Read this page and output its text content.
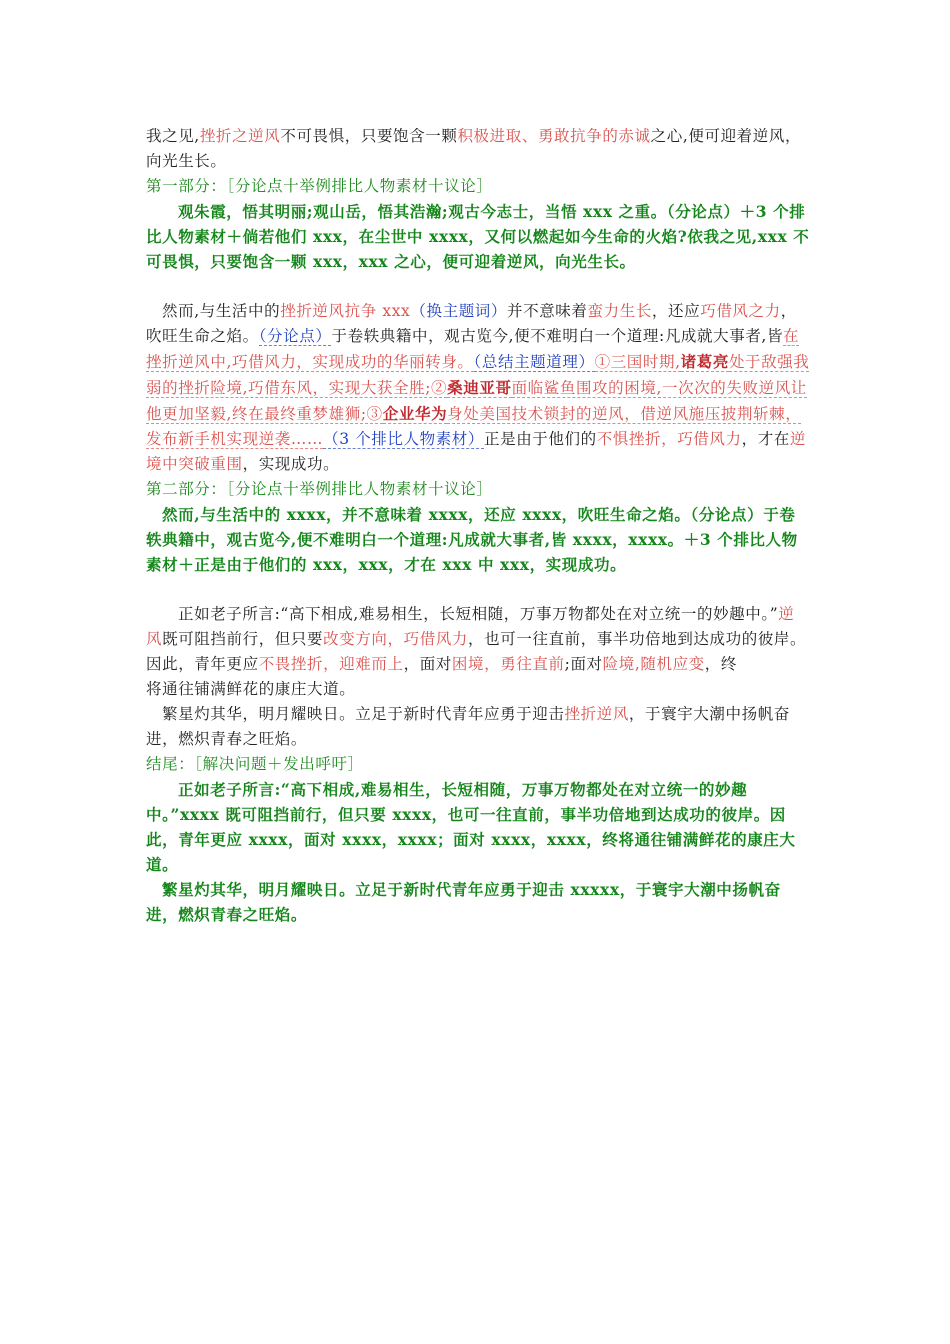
我之见,挫折之逆风不可畏惧，只要饱含一颗积极进取、勇敢抗争的赤诚之心,便可迎着逆风，向光生长。

第一部分：［分论点十举例排比人物素材十议论］

观朱霞，悟其明丽;观山岳，悟其浩瀚;观古今志士，当悟 xxx 之重。（分论点）＋3 个排比人物素材＋倘若他们 xxx，在尘世中 xxxx，又何以燃起如今生命的火焰?依我之见,xxx 不可畏惧，只要饱含一颗 xxx，xxx 之心，便可迎着逆风，向光生长。

然而,与生活中的挫折逆风抗争 xxx（换主题词）并不意味着蛮力生长，还应巧借风之力，吹旺生命之焰。（分论点）于卷轶典籍中，观古览今,便不难明白一个道理:凡成就大事者,皆在挫折逆风中,巧借风力，实现成功的华丽转身。（总结主题道理）①三国时期,诸葛亮处于敌强我弱的挫折险境,巧借东风，实现大获全胜;②桑迪亚哥面临鲨鱼围攻的困境,一次次的失败逆风让他更加坚毅,终在最终重梦雄狮;③企业华为身处美国技术锁封的逆风，借逆风施压披荆斩棘，发布新手机实现逆袭……（3 个排比人物素材）正是由于他们的不惧挫折，巧借风力，才在逆境中突破重围，实现成功。

第二部分：［分论点十举例排比人物素材十议论］

然而,与生活中的 xxxx，并不意味着 xxxx，还应 xxxx，吹旺生命之焰。（分论点）于卷轶典籍中，观古览今,便不难明白一个道理:凡成就大事者,皆 xxxx，xxxx。＋3 个排比人物素材＋正是由于他们的 xxx，xxx，才在 xxx 中 xxx，实现成功。

正如老子所言:“高下相成,难易相生，长短相随，万事万物都处在对立统一的妙趣中。”逆风既可阻挡前行，但只要改变方向，巧借风力，也可一往直前，事半功倍地到达成功的彼岸。因此，青年更应不畏挫折，迎难而上，面对困境，勇往直前;面对险境,随机应变，终

将通往铺满鲜花的康庄大道。

繁星灼其华，明月耀映日。立足于新时代青年应勇于迎击挫折逆风，于寰宇大潮中扬帆奋进，燃炽青春之旺焰。

结尾：［解决问题＋发出呼吁］

正如老子所言:“高下相成,难易相生，长短相随，万事万物都处在对立统一的妙趣中。”xxxx 既可阻挡前行，但只要 xxxx，也可一往直前，事半功倍地到达成功的彼岸。因此，青年更应 xxxx，面对 xxxx，xxxx；面对 xxxx，xxxx，终将通往铺满鲜花的康庄大道。

繁星灼其华，明月耀映日。立足于新时代青年应勇于迎击 xxxxx，于寰宇大潮中扬帆奋进，燃炽青春之旺焰。
